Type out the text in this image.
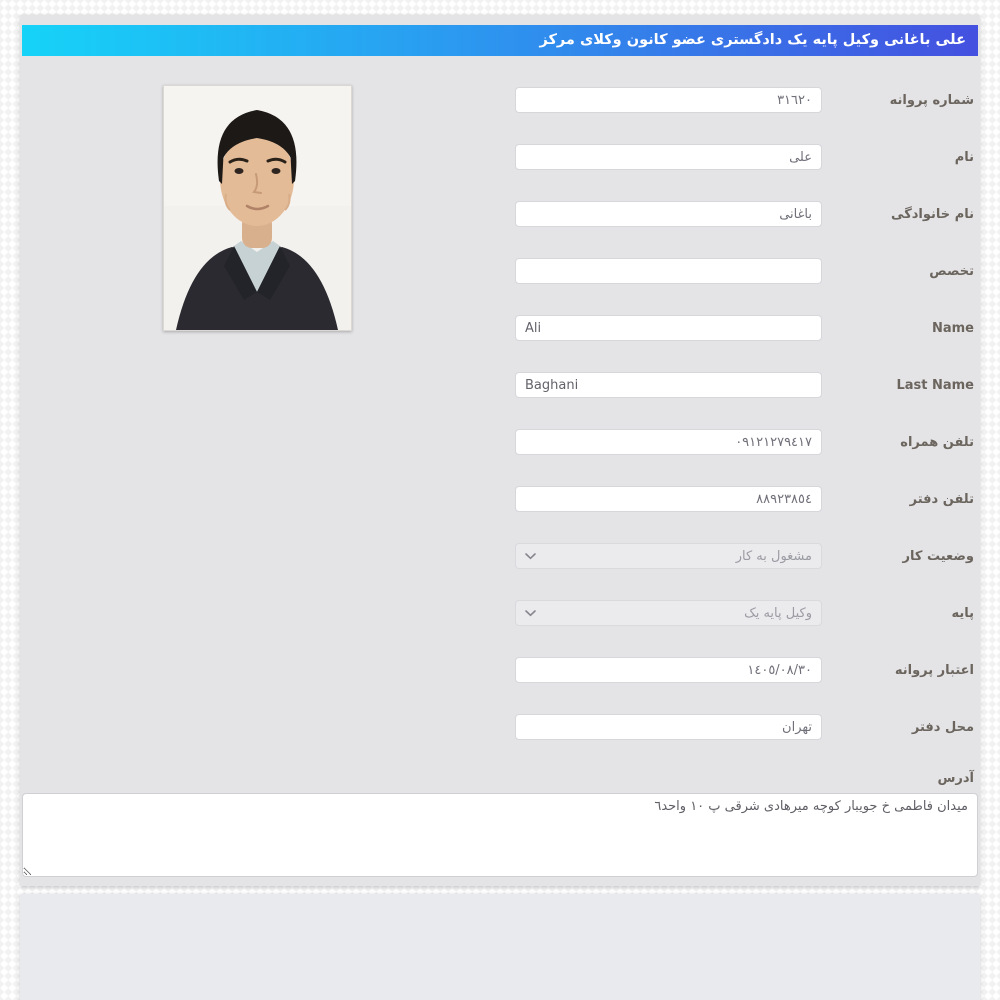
علی باغانی وکیل پایه یک دادگستری عضو کانون وکلای مرکز
شماره پروانه
٣١٦٢٠
نام
علی
نام خانوادگی
باغانی
تخصص
Name
Ali
Last Name
Baghani
تلفن همراه
٠٩١٢١٢٧٩٤١٧
تلفن دفتر
٨٨٩٢٣٨٥٤
وضعیت کار
مشغول به کار
پایه
وکیل پایه یک
اعتبار پروانه
١٤٠٥/٠٨/٣٠
محل دفتر
تهران
آدرس
میدان فاطمی خ جویبار کوچه میرهادی شرقی پ ١٠ واحد٦
